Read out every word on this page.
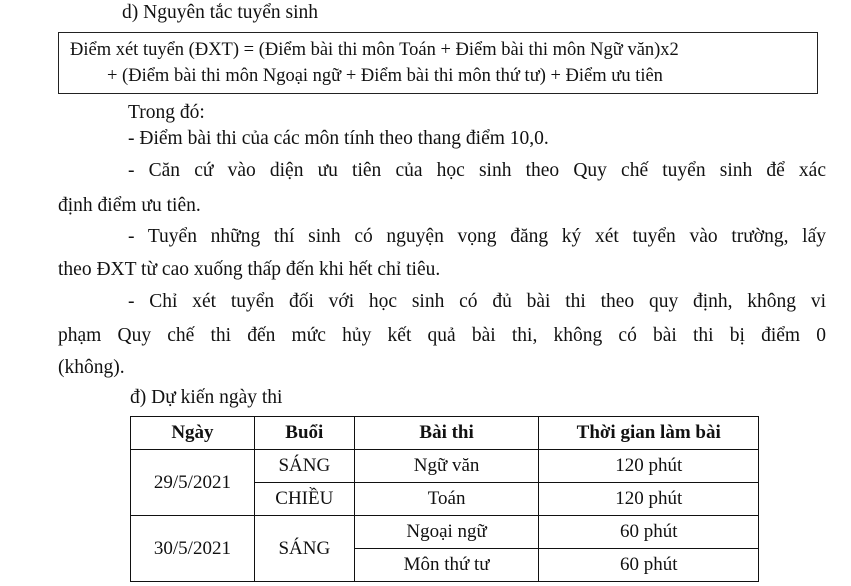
d) Nguyên tắc tuyển sinh
Điểm xét tuyển (ĐXT) = (Điểm bài thi môn Toán + Điểm bài thi môn Ngữ văn)x2
+ (Điểm bài thi môn Ngoại ngữ + Điểm bài thi môn thứ tư) + Điểm ưu tiên
Trong đó:
- Điểm bài thi của các môn tính theo thang điểm 10,0.
- Căn cứ vào diện ưu tiên của học sinh theo Quy chế tuyển sinh để xác
định điểm ưu tiên.
- Tuyển những thí sinh có nguyện vọng đăng ký xét tuyển vào trường, lấy
theo ĐXT từ cao xuống thấp đến khi hết chỉ tiêu.
- Chỉ xét tuyển đối với học sinh có đủ bài thi theo quy định, không vi
phạm Quy chế thi đến mức hủy kết quả bài thi, không có bài thi bị điểm 0
(không).
đ) Dự kiến ngày thi
Ngày	Buổi	Bài thi	Thời gian làm bài
29/5/2021	SÁNG	Ngữ văn	120 phút
	CHIỀU	Toán	120 phút
30/5/2021	SÁNG	Ngoại ngữ	60 phút
		Môn thứ tư	60 phút
